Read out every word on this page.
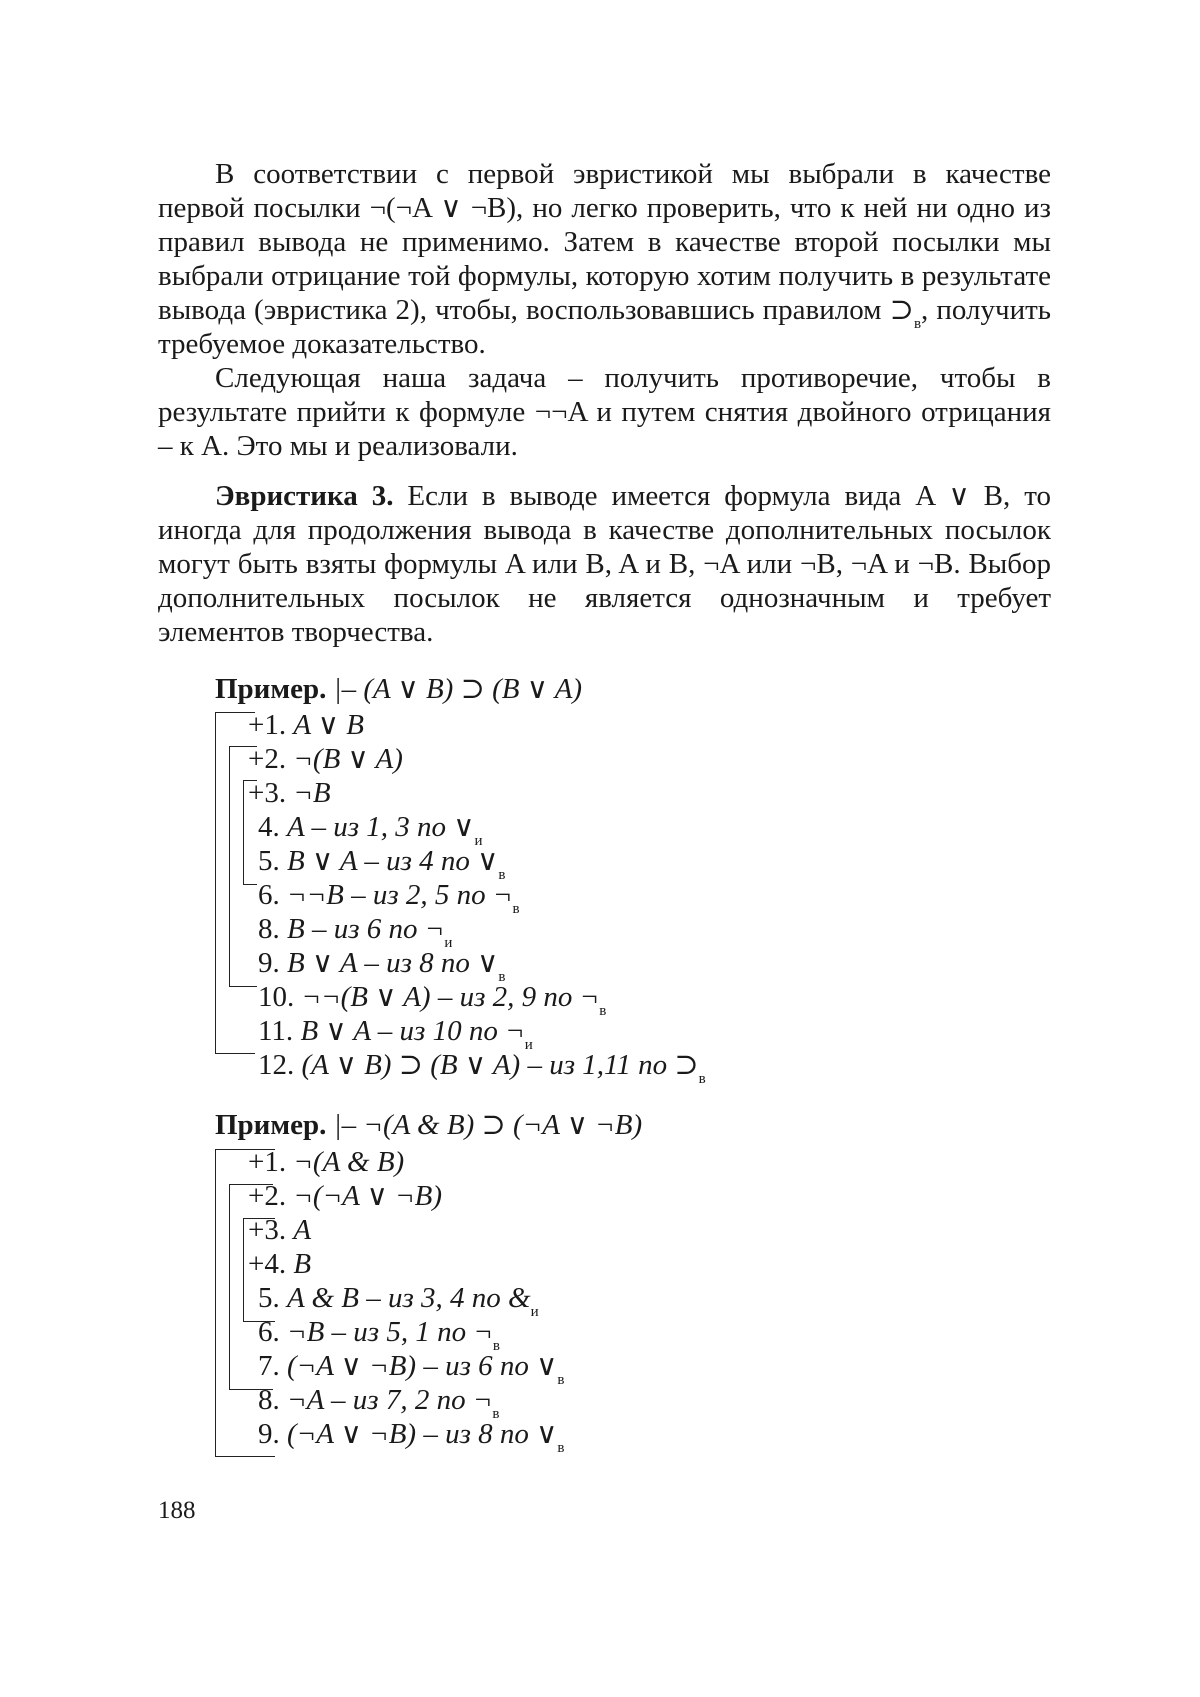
В соответствии с первой эвристикой мы выбрали в качестве первой посылки ¬(¬A ∨ ¬B), но легко проверить, что к ней ни одно из правил вывода не применимо. Затем в качестве второй посылки мы выбрали отрицание той формулы, которую хотим получить в результате вывода (эвристика 2), чтобы, воспользовавшись правилом $⊃_в$, получить требуемое доказательство.

Следующая наша задача – получить противоречие, чтобы в результате прийти к формуле ¬¬A и путем снятия двойного отрицания – к A. Это мы и реализовали.

Эвристика 3. Если в выводе имеется формула вида A ∨ B, то иногда для продолжения вывода в качестве дополнительных посылок могут быть взяты формулы A или B, A и B, ¬A или ¬B, ¬A и ¬B. Выбор дополнительных посылок не является однозначным и требует элементов творчества.

Пример. |– (A ∨ B) ⊃ (B ∨ A)
+1. A ∨ B
+2. ¬(B ∨ A)
+3. ¬B
4. A – из 1, 3 по $\vee_и$
5. B ∨ A – из 4 по $\vee_в$
6. ¬¬B – из 2, 5 по $\neg_в$
8. B – из 6 по $\neg_и$
9. B ∨ A – из 8 по $\vee_в$
10. ¬¬(B ∨ A) – из 2, 9 по $\neg_в$
11. B ∨ A – из 10 по $\neg_и$
12. (A ∨ B) ⊃ (B ∨ A) – из 1,11 по $⊃_в$
Пример. |– ¬(A & B) ⊃ (¬A ∨ ¬B)
+1. ¬(A & B)
+2. ¬(¬A ∨ ¬B)
+3. A
+4. B
5. A & B – из 3, 4 по $\&_и$
6. ¬B – из 5, 1 по $\neg_в$
7. (¬A ∨ ¬B) – из 6 по $\vee_в$
8. ¬A – из 7, 2 по $\neg_в$
9. (¬A ∨ ¬B) – из 8 по $\vee_в$
188
